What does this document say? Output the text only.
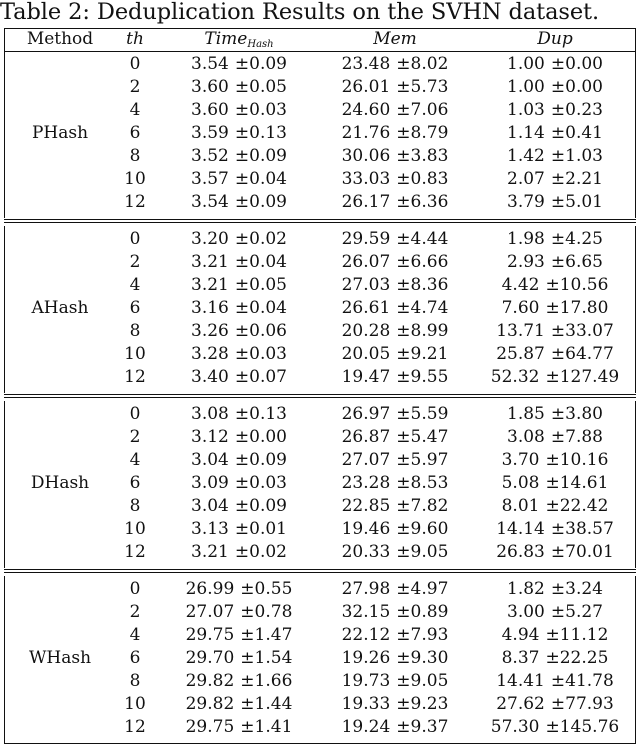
Table 2: Deduplication Results on the SVHN dataset.
Method	th	Time$_{Hash}$	Mem	Dup
PHash
0	3.54 ±0.09	23.48 ±8.02	1.00 ±0.00
2	3.60 ±0.05	26.01 ±5.73	1.00 ±0.00
4	3.60 ±0.03	24.60 ±7.06	1.03 ±0.23
6	3.59 ±0.13	21.76 ±8.79	1.14 ±0.41
8	3.52 ±0.09	30.06 ±3.83	1.42 ±1.03
10	3.57 ±0.04	33.03 ±0.83	2.07 ±2.21
12	3.54 ±0.09	26.17 ±6.36	3.79 ±5.01
AHash
0	3.20 ±0.02	29.59 ±4.44	1.98 ±4.25
2	3.21 ±0.04	26.07 ±6.66	2.93 ±6.65
4	3.21 ±0.05	27.03 ±8.36	4.42 ±10.56
6	3.16 ±0.04	26.61 ±4.74	7.60 ±17.80
8	3.26 ±0.06	20.28 ±8.99	13.71 ±33.07
10	3.28 ±0.03	20.05 ±9.21	25.87 ±64.77
12	3.40 ±0.07	19.47 ±9.55	52.32 ±127.49
DHash
0	3.08 ±0.13	26.97 ±5.59	1.85 ±3.80
2	3.12 ±0.00	26.87 ±5.47	3.08 ±7.88
4	3.04 ±0.09	27.07 ±5.97	3.70 ±10.16
6	3.09 ±0.03	23.28 ±8.53	5.08 ±14.61
8	3.04 ±0.09	22.85 ±7.82	8.01 ±22.42
10	3.13 ±0.01	19.46 ±9.60	14.14 ±38.57
12	3.21 ±0.02	20.33 ±9.05	26.83 ±70.01
WHash
0	26.99 ±0.55	27.98 ±4.97	1.82 ±3.24
2	27.07 ±0.78	32.15 ±0.89	3.00 ±5.27
4	29.75 ±1.47	22.12 ±7.93	4.94 ±11.12
6	29.70 ±1.54	19.26 ±9.30	8.37 ±22.25
8	29.82 ±1.66	19.73 ±9.05	14.41 ±41.78
10	29.82 ±1.44	19.33 ±9.23	27.62 ±77.93
12	29.75 ±1.41	19.24 ±9.37	57.30 ±145.76
